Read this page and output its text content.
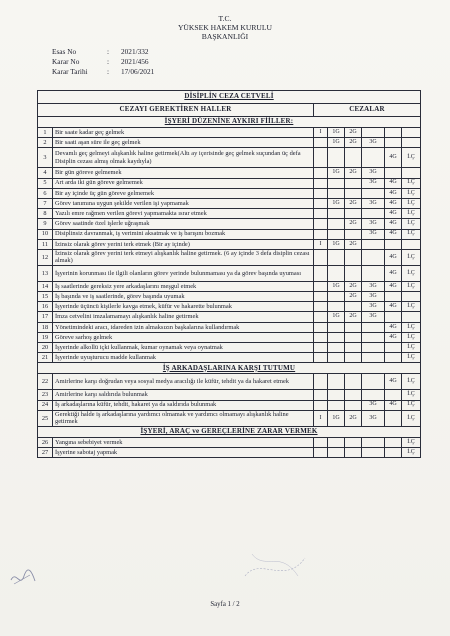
T.C.
YÜKSEK HAKEM KURULU
BAŞKANLIĞI
Esas No	:	2021/332
Karar No	:	2021/456
Karar Tarihi	:	17/06/2021
DİSİPLİN CEZA CETVELİ							
CEZAYI GEREKTİREN HALLER		CEZALAR					
İŞYERİ DÜZENİNE AYKIRI FİİLLER:							
1	Bir saate kadar geç gelmek	I	1G	2G			
2	Bir saati aşan süre ile geç gelmek		1G	2G	3G		
3	Devamlı geç gelmeyi alışkanlık haline getirmek(Altı ay içerisinde geç gelmek suçundan üç defa Disiplin cezası almış olmak kaydıyla)					4G	İ.Ç
4	Bir gün göreve gelmemek		1G	2G	3G		
5	Art arda iki gün göreve gelmemek				3G	4G	İ.Ç
6	Bir ay içinde üç gün göreve gelmemek					4G	İ.Ç
7	Görev tanımına uygun şekilde verilen işi yapmamak		1G	2G	3G	4G	İ.Ç
8	Yazılı emre rağmen verilen görevi yapmamakta ısrar etmek					4G	İ.Ç
9	Görev saatinde özel işlerle uğraşmak			2G	3G	4G	İ.Ç
10	Disiplinsiz davranmak, iş verimini aksatmak ve iş barışını bozmak				3G	4G	İ.Ç
11	İzinsiz olarak görev yerini terk etmek (Bir ay içinde)	I	1G	2G			
12	İzinsiz olarak görev yerini terk etmeyi alışkanlık haline getirmek. (6 ay içinde 3 defa disiplin cezası almak)					4G	İ.Ç
13	İşyerinin korunması ile ilgili olanların görev yerinde bulunmaması ya da görev başında uyuması					4G	İ.Ç
14	İş saatlerinde gereksiz yere arkadaşlarını meşgul etmek		1G	2G	3G	4G	İ.Ç
15	İş başında ve iş saatlerinde, görev başında uyumak			2G	3G		
16	İşyerinde üçüncü kişilerle kavga etmek, küfür ve hakarette bulunmak				3G	4G	İ.Ç
17	İmza cetvelini imzalamamayı alışkanlık haline getirmek		1G	2G	3G		
18	Yönetimindeki aracı, idareden izin almaksızın başkalarına kullandırmak					4G	İ.Ç
19	Göreve sarhoş gelmek					4G	İ.Ç
20	İşyerinde alkollü içki kullanmak, kumar oynamak veya oynatmak						İ.Ç
21	İşyerinde uyuşturucu madde kullanmak						İ.Ç
İŞ ARKADAŞLARINA KARŞI TUTUMU							
22	Amirlerine karşı doğrudan veya sosyal medya aracılığı ile küfür, tehdit ya da hakaret etmek					4G	İ.Ç
23	Amirlerine karşı saldırıda bulunmak						İ.Ç
24	İş arkadaşlarına küfür, tehdit, hakaret ya da saldırıda bulunmak				3G	4G	İ.Ç
25	Gerektiği halde iş arkadaşlarına yardımcı olmamak ve yardımcı olmamayı alışkanlık haline getirmek	I	1G	2G	3G		İ.Ç
İŞYERİ, ARAÇ ve GEREÇLERİNE ZARAR VERMEK							
26	Yangına sebebiyet vermek						İ.Ç
27	İşyerine sabotaj yapmak						İ.Ç
Sayfa 1 / 2
